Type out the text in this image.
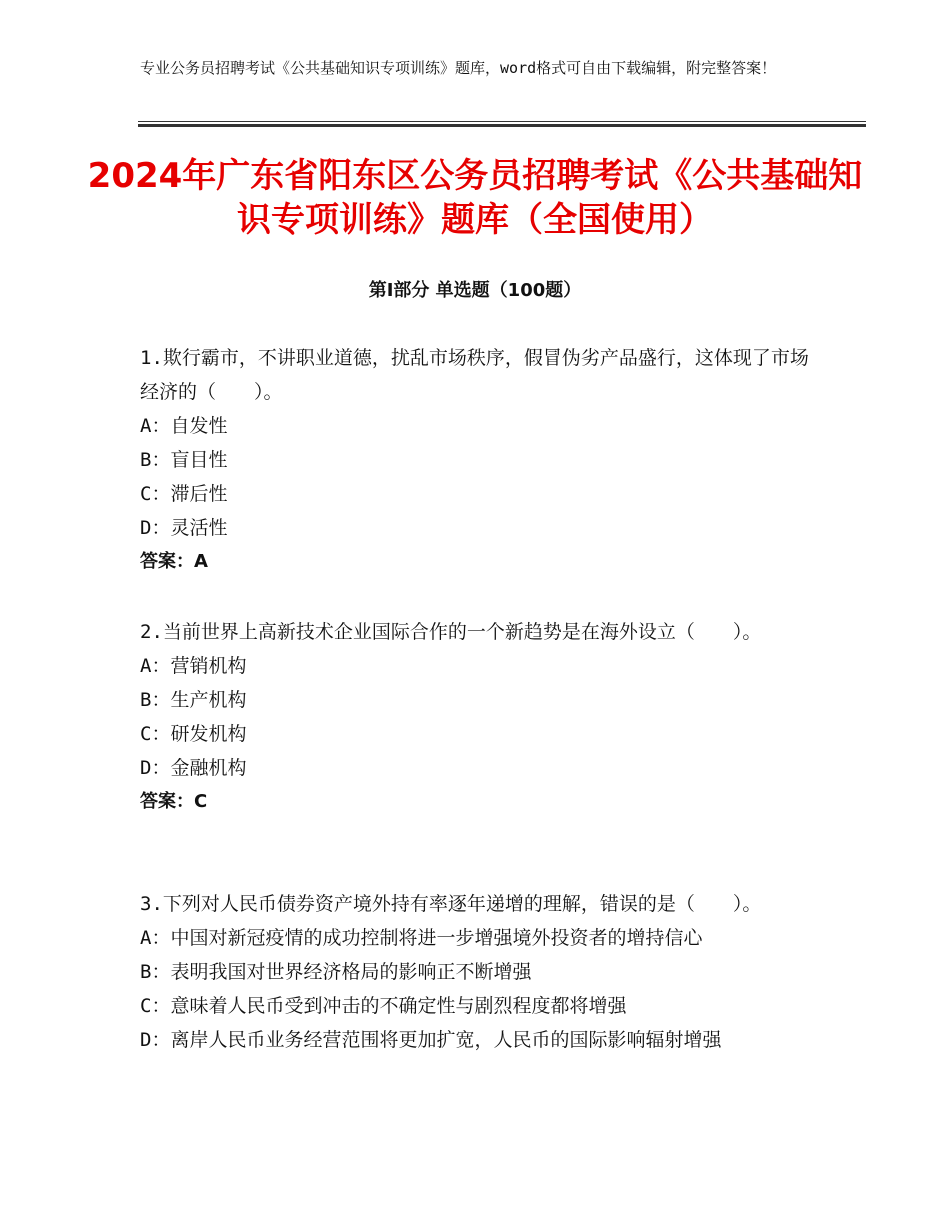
专业公务员招聘考试《公共基础知识专项训练》题库，word格式可自由下载编辑，附完整答案！
2024年广东省阳东区公务员招聘考试《公共基础知识专项训练》题库（全国使用）
第Ⅰ部分 单选题（100题）
1.欺行霸市，不讲职业道德，扰乱市场秩序，假冒伪劣产品盛行，这体现了市场经济的（　　）。
A：自发性
B：盲目性
C：滞后性
D：灵活性
答案：A
2.当前世界上高新技术企业国际合作的一个新趋势是在海外设立（　　）。
A：营销机构
B：生产机构
C：研发机构
D：金融机构
答案：C
3.下列对人民币债券资产境外持有率逐年递增的理解，错误的是（　　）。
A：中国对新冠疫情的成功控制将进一步增强境外投资者的增持信心
B：表明我国对世界经济格局的影响正不断增强
C：意味着人民币受到冲击的不确定性与剧烈程度都将增强
D：离岸人民币业务经营范围将更加扩宽，人民币的国际影响辐射增强
